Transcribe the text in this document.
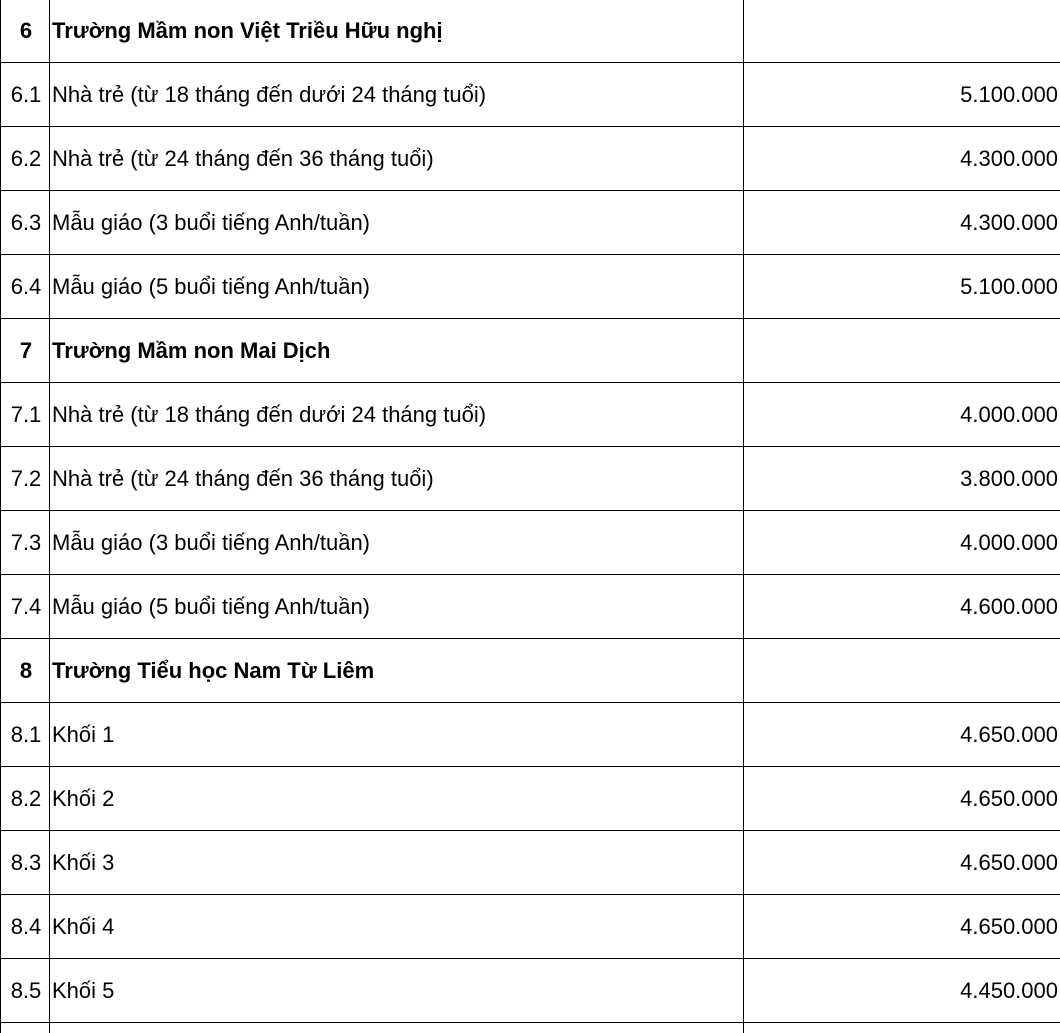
6	Trường Mầm non Việt Triều Hữu nghị	
6.1	Nhà trẻ (từ 18 tháng đến dưới 24 tháng tuổi)	5.100.000
6.2	Nhà trẻ (từ 24 tháng đến 36 tháng tuổi)	4.300.000
6.3	Mẫu giáo (3 buổi tiếng Anh/tuần)	4.300.000
6.4	Mẫu giáo (5 buổi tiếng Anh/tuần)	5.100.000
7	Trường Mầm non Mai Dịch	
7.1	Nhà trẻ (từ 18 tháng đến dưới 24 tháng tuổi)	4.000.000
7.2	Nhà trẻ (từ 24 tháng đến 36 tháng tuổi)	3.800.000
7.3	Mẫu giáo (3 buổi tiếng Anh/tuần)	4.000.000
7.4	Mẫu giáo (5 buổi tiếng Anh/tuần)	4.600.000
8	Trường Tiểu học Nam Từ Liêm	
8.1	Khối 1	4.650.000
8.2	Khối 2	4.650.000
8.3	Khối 3	4.650.000
8.4	Khối 4	4.650.000
8.5	Khối 5	4.450.000
